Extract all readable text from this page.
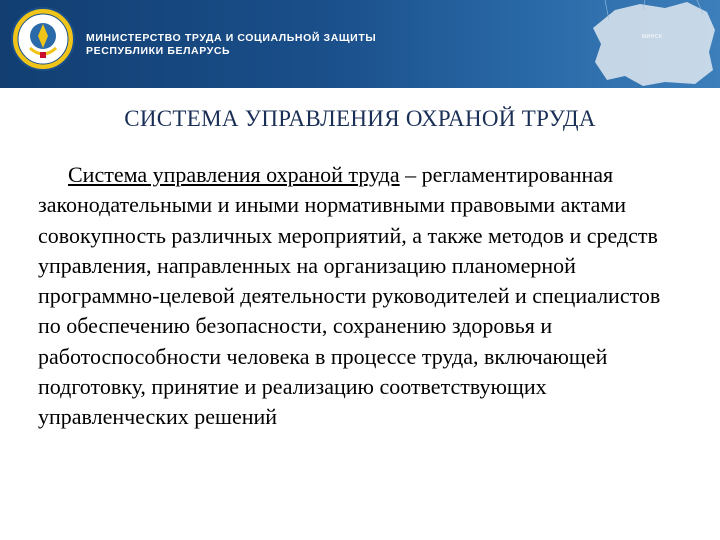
МИНИСТЕРСТВО ТРУДА И СОЦИАЛЬНОЙ ЗАЩИТЫ
РЕСПУБЛИКИ БЕЛАРУСЬ
МИНСК
СИСТЕМА УПРАВЛЕНИЯ ОХРАНОЙ ТРУДА
Система управления охраной труда – регламентированная законодательными и иными нормативными правовыми актами совокупность различных мероприятий, а также методов и средств управления, направленных на организацию планомерной программно-целевой деятельности руководителей и специалистов по обеспечению безопасности, сохранению здоровья и работоспособности человека в процессе труда, включающей подготовку, принятие и реализацию соответствующих управленческих решений
